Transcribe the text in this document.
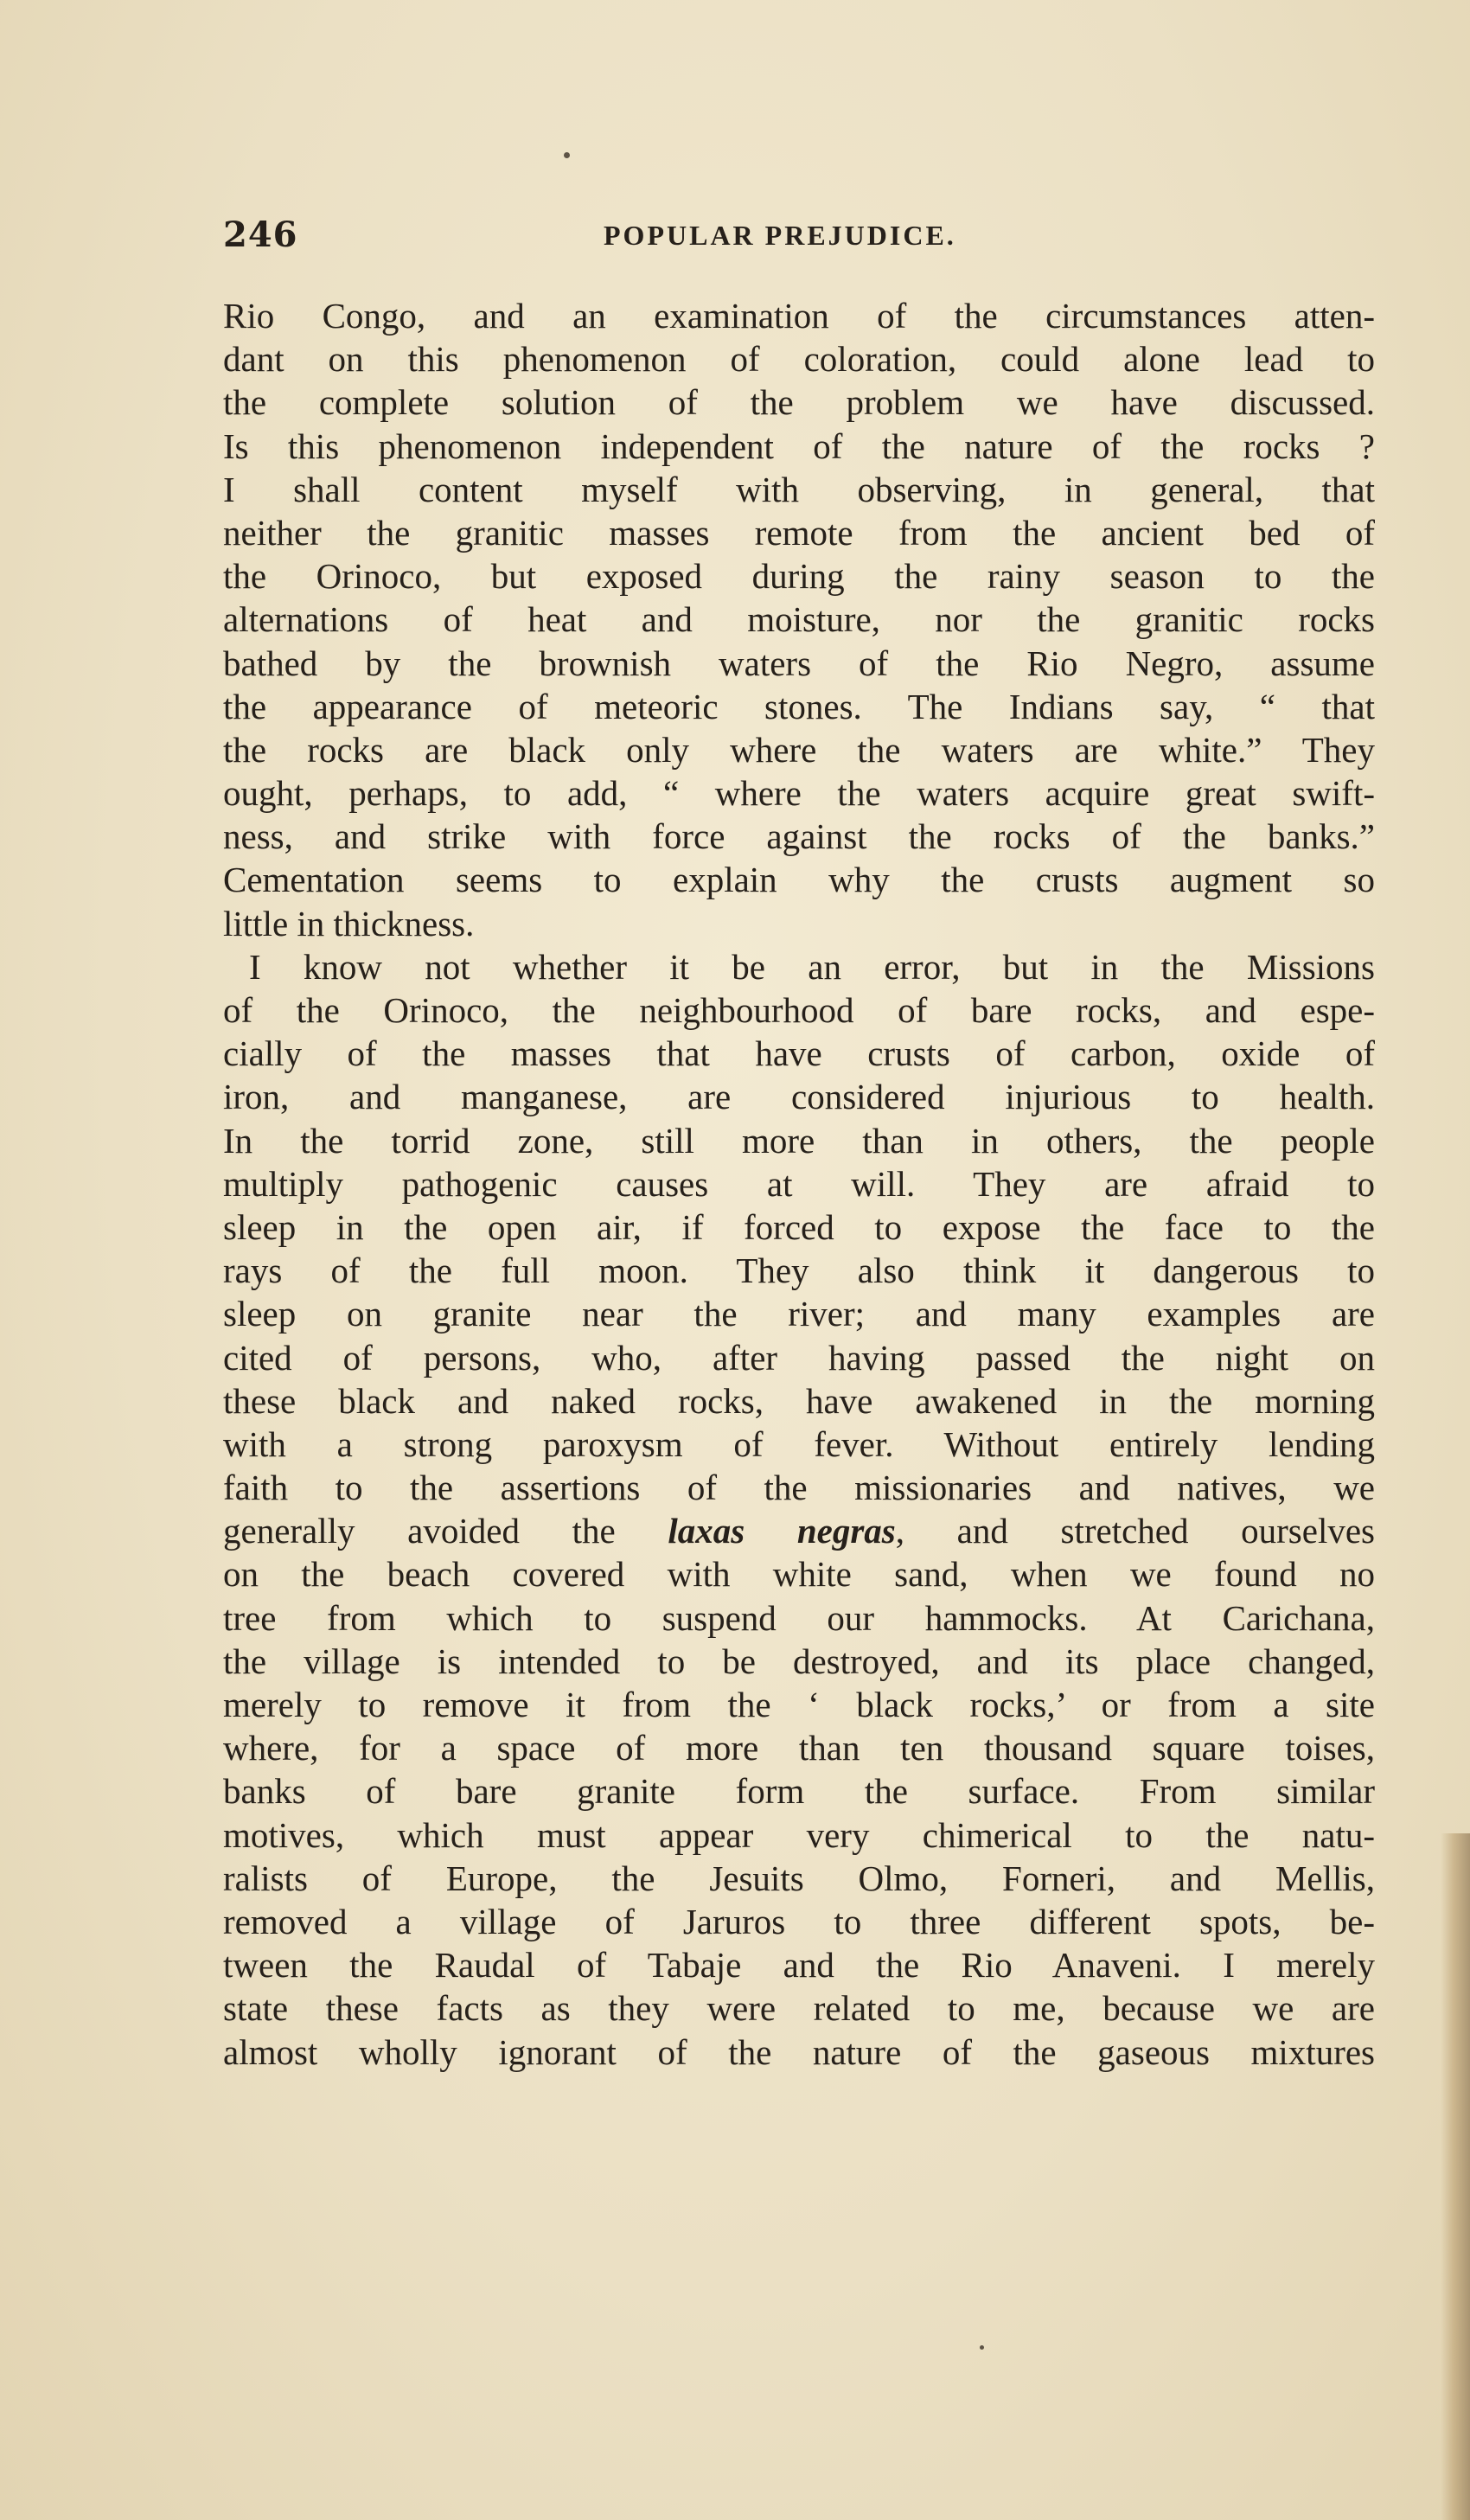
246	POPULAR PREJUDICE.
Rio Congo, and an examination of the circumstances atten-
dant on this phenomenon of coloration, could alone lead to
the complete solution of the problem we have discussed.
Is this phenomenon independent of the nature of the rocks ?
I shall content myself with observing, in general, that
neither the granitic masses remote from the ancient bed of
the Orinoco, but exposed during the rainy season to the
alternations of heat and moisture, nor the granitic rocks
bathed by the brownish waters of the Rio Negro, assume
the appearance of meteoric stones. The Indians say, “ that
the rocks are black only where the waters are white.” They
ought, perhaps, to add, “ where the waters acquire great swift-
ness, and strike with force against the rocks of the banks.”
Cementation seems to explain why the crusts augment so
little in thickness.
I know not whether it be an error, but in the Missions
of the Orinoco, the neighbourhood of bare rocks, and espe-
cially of the masses that have crusts of carbon, oxide of
iron, and manganese, are considered injurious to health.
In the torrid zone, still more than in others, the people
multiply pathogenic causes at will. They are afraid to
sleep in the open air, if forced to expose the face to the
rays of the full moon. They also think it dangerous to
sleep on granite near the river; and many examples are
cited of persons, who, after having passed the night on
these black and naked rocks, have awakened in the morning
with a strong paroxysm of fever. Without entirely lending
faith to the assertions of the missionaries and natives, we
generally avoided the laxas negras, and stretched ourselves
on the beach covered with white sand, when we found no
tree from which to suspend our hammocks. At Carichana,
the village is intended to be destroyed, and its place changed,
merely to remove it from the ‘ black rocks,’ or from a site
where, for a space of more than ten thousand square toises,
banks of bare granite form the surface. From similar
motives, which must appear very chimerical to the natu-
ralists of Europe, the Jesuits Olmo, Forneri, and Mellis,
removed a village of Jaruros to three different spots, be-
tween the Raudal of Tabaje and the Rio Anaveni. I merely
state these facts as they were related to me, because we are
almost wholly ignorant of the nature of the gaseous mixtures
